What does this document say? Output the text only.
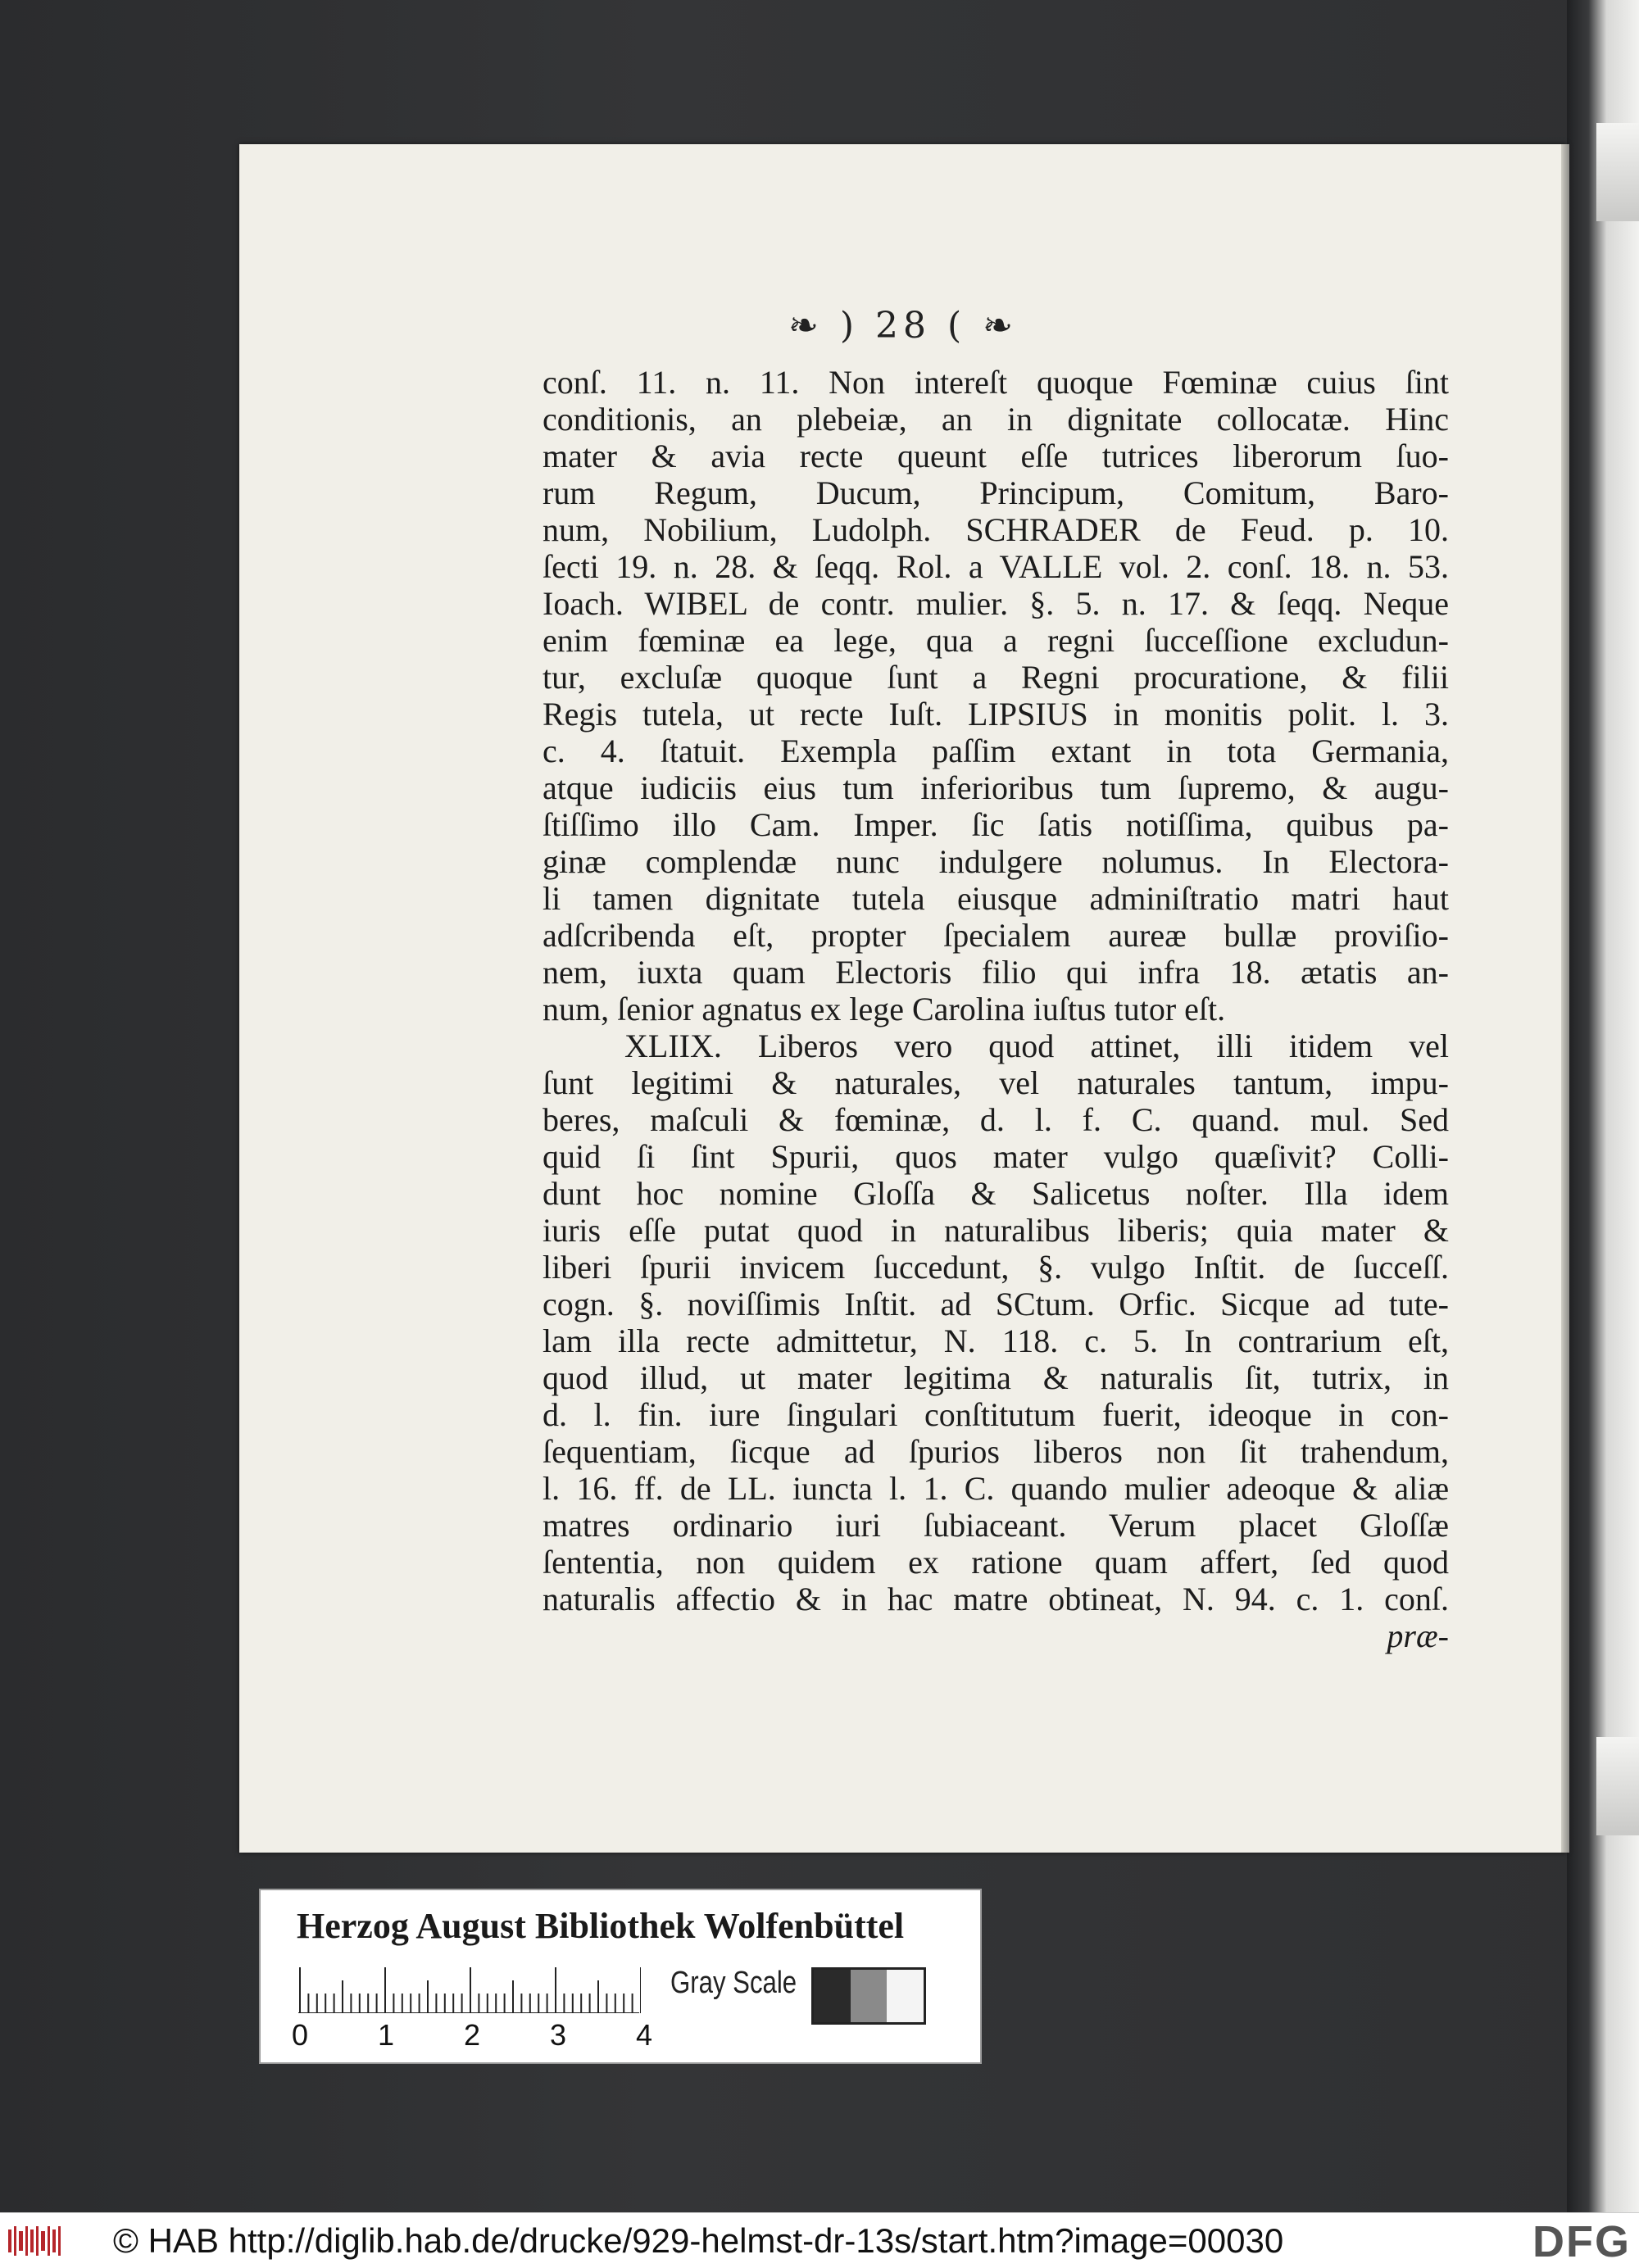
❧ ) 28 ( ❧
conſ. 11. n. 11. Non intereſt quoque Fœminæ cuius ſint
conditionis, an plebeiæ, an in dignitate collocatæ. Hinc
mater & avia recte queunt eſſe tutrices liberorum ſuo-
rum Regum, Ducum, Principum, Comitum, Baro-
num, Nobilium, Ludolph. SCHRADER de Feud. p. 10.
ſecti 19. n. 28. & ſeqq. Rol. a VALLE vol. 2. conſ. 18. n. 53.
Ioach. WIBEL de contr. mulier. §. 5. n. 17. & ſeqq. Neque
enim fœminæ ea lege, qua a regni ſucceſſione excludun-
tur, excluſæ quoque ſunt a Regni procuratione, & filii
Regis tutela, ut recte Iuſt. LIPSIUS in monitis polit. l. 3.
c. 4. ſtatuit. Exempla paſſim extant in tota Germania,
atque iudiciis eius tum inferioribus tum ſupremo, & augu-
ſtiſſimo illo Cam. Imper. ſic ſatis notiſſima, quibus pa-
ginæ complendæ nunc indulgere nolumus. In Electora-
li tamen dignitate tutela eiusque adminiſtratio matri haut
adſcribenda eſt, propter ſpecialem aureæ bullæ proviſio-
nem, iuxta quam Electoris filio qui infra 18. ætatis an-
num, ſenior agnatus ex lege Carolina iuſtus tutor eſt.
XLIIX. Liberos vero quod attinet, illi itidem vel
ſunt legitimi & naturales, vel naturales tantum, impu-
beres, maſculi & fœminæ, d. l. f. C. quand. mul. Sed
quid ſi ſint Spurii, quos mater vulgo quæſivit? Colli-
dunt hoc nomine Gloſſa & Salicetus noſter. Illa idem
iuris eſſe putat quod in naturalibus liberis; quia mater &
liberi ſpurii invicem ſuccedunt, §. vulgo Inſtit. de ſucceſſ.
cogn. §. noviſſimis Inſtit. ad SCtum. Orfic. Sicque ad tute-
lam illa recte admittetur, N. 118. c. 5. In contrarium eſt,
quod illud, ut mater legitima & naturalis ſit, tutrix, in
d. l. fin. iure ſingulari conſtitutum fuerit, ideoque in con-
ſequentiam, ſicque ad ſpurios liberos non ſit trahendum,
l. 16. ff. de LL. iuncta l. 1. C. quando mulier adeoque & aliæ
matres ordinario iuri ſubiaceant. Verum placet Gloſſæ
ſententia, non quidem ex ratione quam affert, ſed quod
naturalis affectio & in hac matre obtineat, N. 94. c. 1. conſ.
præ-
Herzog August Bibliothek Wolfenbüttel
0 1 2 3 4
Gray Scale
© HAB http://diglib.hab.de/drucke/929-helmst-dr-13s/start.htm?image=00030	DFG
